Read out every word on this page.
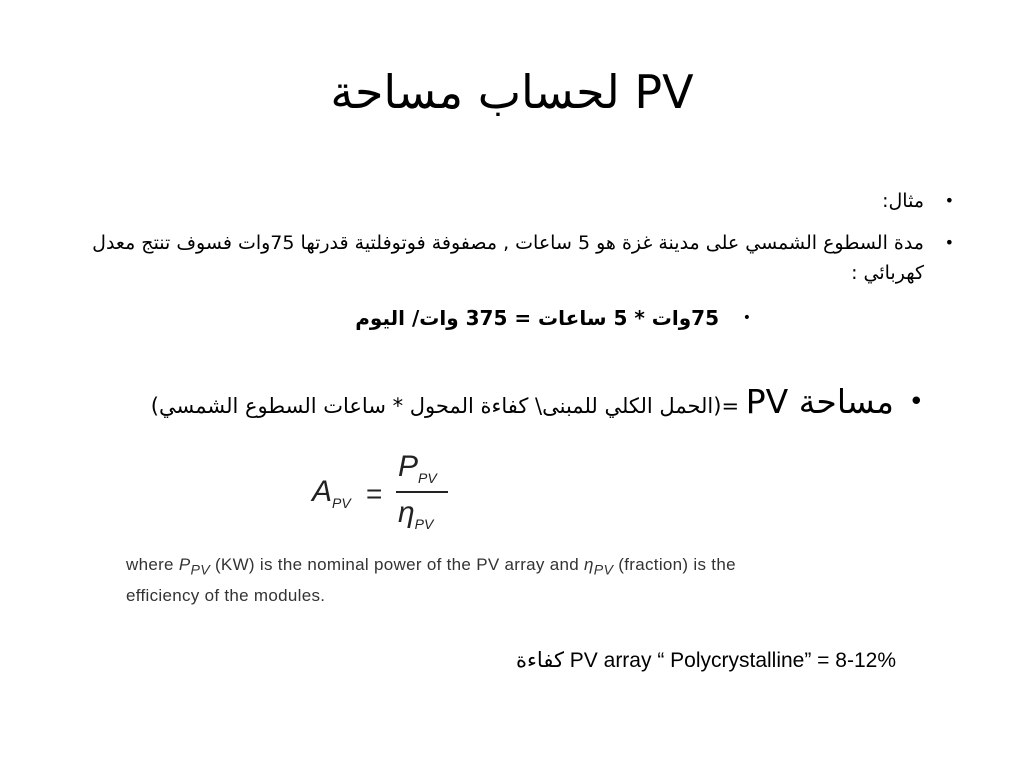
لحساب مساحة PV
•
مثال:
•
مدة السطوع الشمسي على مدينة غزة هو 5 ساعات , مصفوفة فوتوفلتية قدرتها 75وات فسوف تنتج معدل كهربائي :
•
75وات * 5 ساعات = 375 وات/ اليوم
•
مساحة PV =(الحمل الكلي للمبنى\ كفاءة المحول * ساعات السطوع الشمسي)
$A_{PV}$ =
$P_{PV}$
$\eta_{PV}$
where $P_{PV}$ (KW) is the nominal power of the PV array and $\eta_{PV}$ (fraction) is the efficiency of the modules.
كفاءة PV array “ Polycrystalline” = 8-12%
